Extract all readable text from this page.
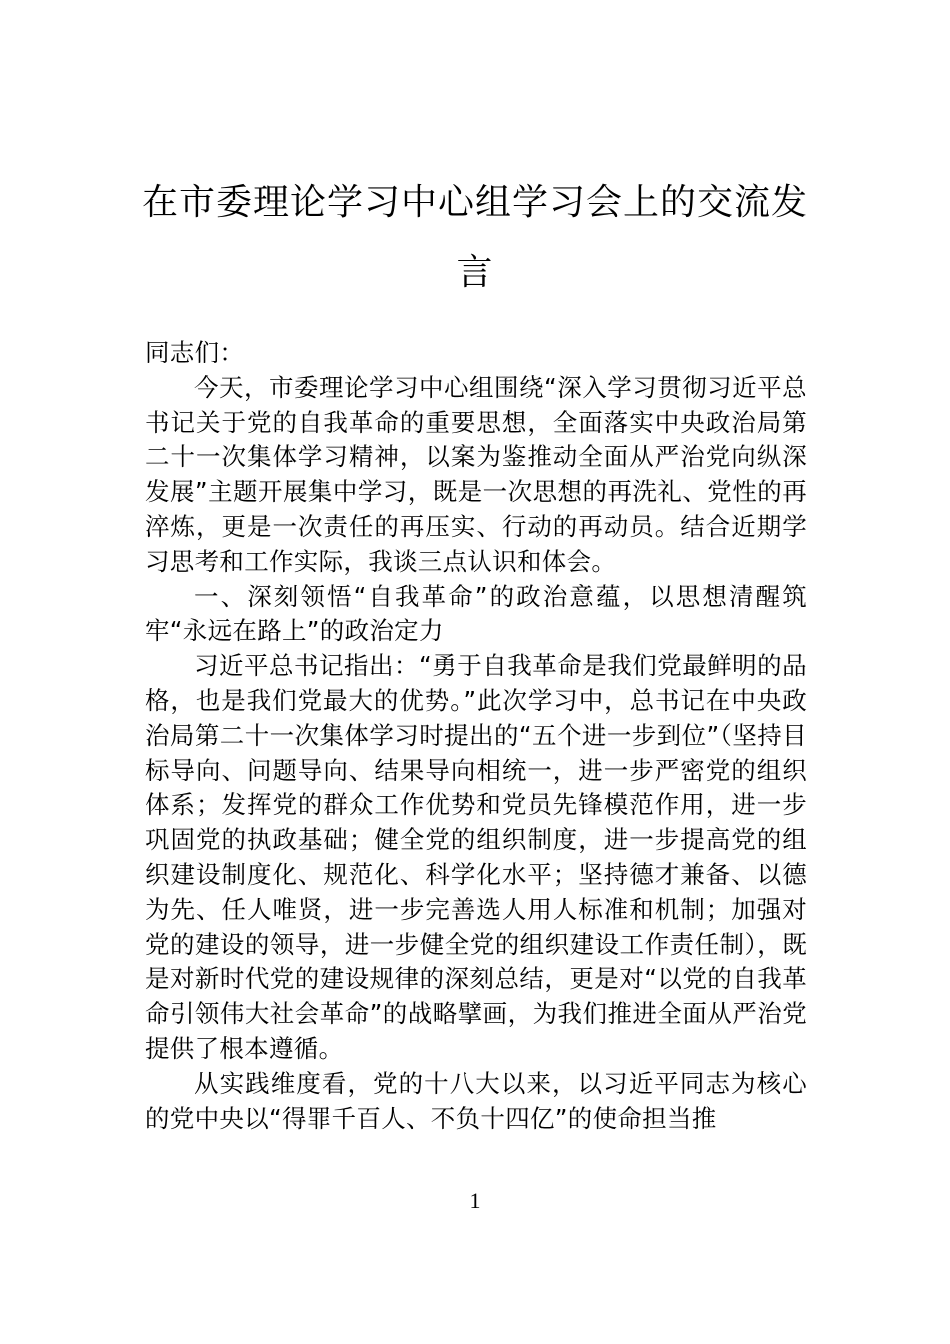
在市委理论学习中心组学习会上的交流发言

同志们：

今天，市委理论学习中心组围绕“深入学习贯彻习近平总书记关于党的自我革命的重要思想，全面落实中央政治局第二十一次集体学习精神，以案为鉴推动全面从严治党向纵深发展”主题开展集中学习，既是一次思想的再洗礼、党性的再淬炼，更是一次责任的再压实、行动的再动员。结合近期学习思考和工作实际，我谈三点认识和体会。

一、深刻领悟“自我革命”的政治意蕴，以思想清醒筑牢“永远在路上”的政治定力

习近平总书记指出：“勇于自我革命是我们党最鲜明的品格，也是我们党最大的优势。”此次学习中，总书记在中央政治局第二十一次集体学习时提出的“五个进一步到位”（坚持目标导向、问题导向、结果导向相统一，进一步严密党的组织体系；发挥党的群众工作优势和党员先锋模范作用，进一步巩固党的执政基础；健全党的组织制度，进一步提高党的组织建设制度化、规范化、科学化水平；坚持德才兼备、以德为先、任人唯贤，进一步完善选人用人标准和机制；加强对党的建设的领导，进一步健全党的组织建设工作责任制），既是对新时代党的建设规律的深刻总结，更是对“以党的自我革命引领伟大社会革命”的战略擘画，为我们推进全面从严治党提供了根本遵循。

从实践维度看，党的十八大以来，以习近平同志为核心的党中央以“得罪千百人、不负十四亿”的使命担当推

1
